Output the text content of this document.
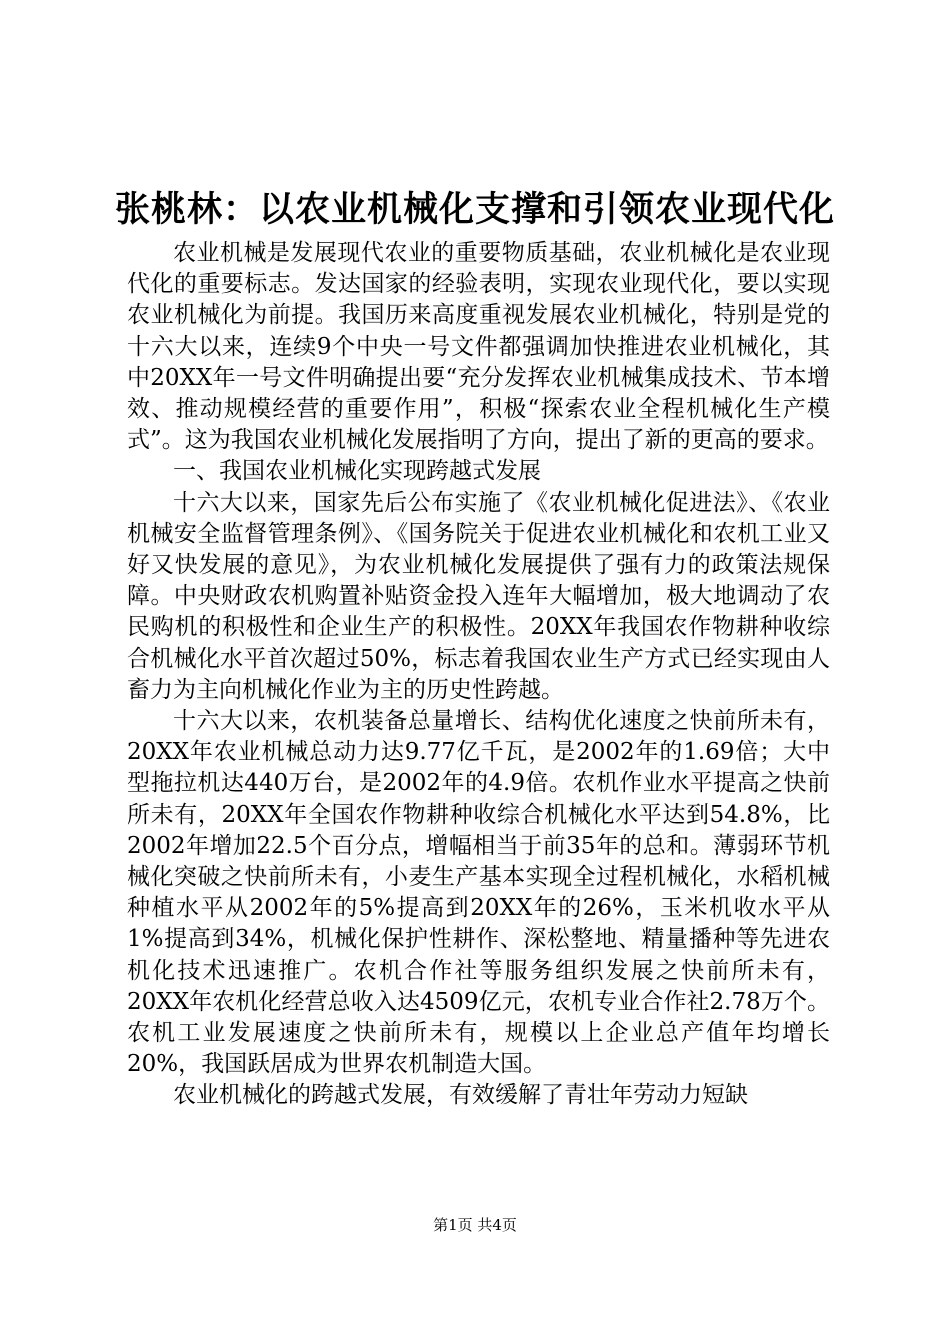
张桃林：以农业机械化支撑和引领农业现代化

农业机械是发展现代农业的重要物质基础，农业机械化是农业现代化的重要标志。发达国家的经验表明，实现农业现代化，要以实现农业机械化为前提。我国历来高度重视发展农业机械化，特别是党的十六大以来，连续9个中央一号文件都强调加快推进农业机械化，其中20XX年一号文件明确提出要“充分发挥农业机械集成技术、节本增效、推动规模经营的重要作用”，积极“探索农业全程机械化生产模式”。这为我国农业机械化发展指明了方向，提出了新的更高的要求。

一、我国农业机械化实现跨越式发展

十六大以来，国家先后公布实施了《农业机械化促进法》、《农业机械安全监督管理条例》、《国务院关于促进农业机械化和农机工业又好又快发展的意见》，为农业机械化发展提供了强有力的政策法规保障。中央财政农机购置补贴资金投入连年大幅增加，极大地调动了农民购机的积极性和企业生产的积极性。20XX年我国农作物耕种收综合机械化水平首次超过50%，标志着我国农业生产方式已经实现由人畜力为主向机械化作业为主的历史性跨越。

十六大以来，农机装备总量增长、结构优化速度之快前所未有，20XX年农业机械总动力达9.77亿千瓦，是2002年的1.69倍；大中型拖拉机达440万台，是2002年的4.9倍。农机作业水平提高之快前所未有，20XX年全国农作物耕种收综合机械化水平达到54.8%，比2002年增加22.5个百分点，增幅相当于前35年的总和。薄弱环节机械化突破之快前所未有，小麦生产基本实现全过程机械化，水稻机械种植水平从2002年的5%提高到20XX年的26%，玉米机收水平从1%提高到34%，机械化保护性耕作、深松整地、精量播种等先进农机化技术迅速推广。农机合作社等服务组织发展之快前所未有，20XX年农机化经营总收入达4509亿元，农机专业合作社2.78万个。农机工业发展速度之快前所未有，规模以上企业总产值年均增长20%，我国跃居成为世界农机制造大国。

农业机械化的跨越式发展，有效缓解了青壮年劳动力短缺

第1页 共4页
